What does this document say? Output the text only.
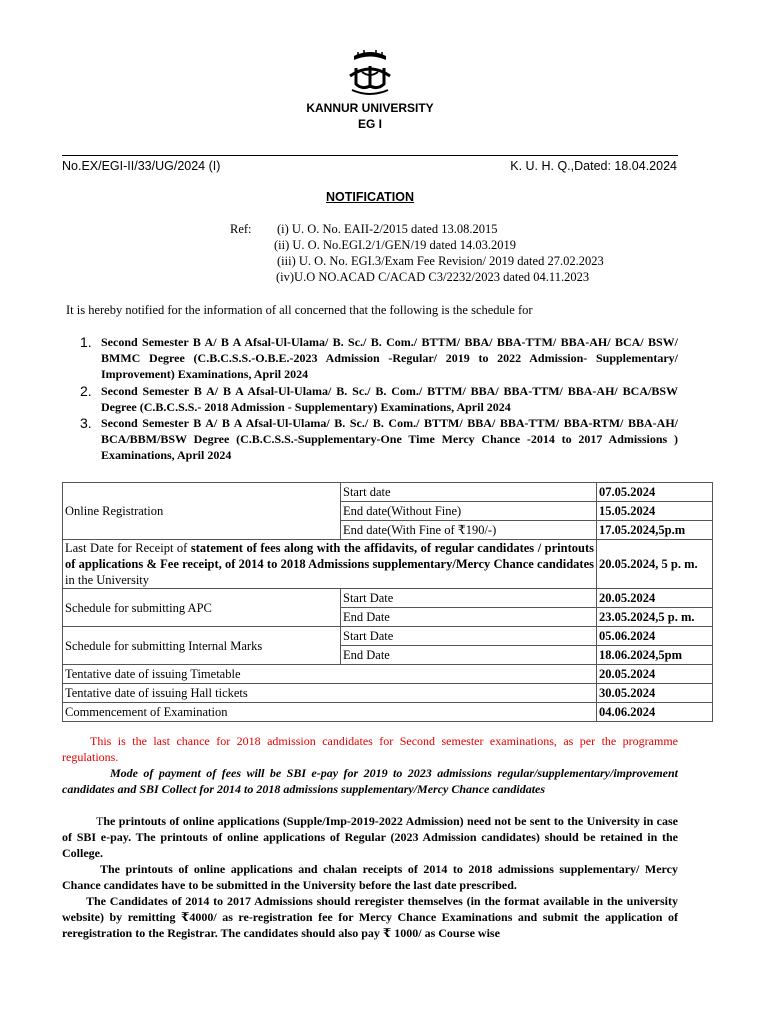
KANNUR UNIVERSITY
EG I
No.EX/EGI-II/33/UG/2024 (I)	K. U. H. Q.,Dated: 18.04.2024
NOTIFICATION
Ref: (i) U. O. No. EAII-2/2015 dated 13.08.2015
(ii) U. O. No.EGI.2/1/GEN/19 dated 14.03.2019
(iii) U. O. No. EGI.3/Exam Fee Revision/ 2019 dated 27.02.2023
(iv)U.O NO.ACAD C/ACAD C3/2232/2023 dated 04.11.2023
It is hereby notified for the information of all concerned that the following is the schedule for
1. Second Semester B A/ B A Afsal-Ul-Ulama/ B. Sc./ B. Com./ BTTM/ BBA/ BBA-TTM/ BBA-AH/ BCA/ BSW/ BMMC Degree (C.B.C.S.S.-O.B.E.-2023 Admission -Regular/ 2019 to 2022 Admission- Supplementary/ Improvement) Examinations, April 2024
2. Second Semester B A/ B A Afsal-Ul-Ulama/ B. Sc./ B. Com./ BTTM/ BBA/ BBA-TTM/ BBA-AH/ BCA/BSW Degree (C.B.C.S.S.- 2018 Admission - Supplementary) Examinations, April 2024
3. Second Semester B A/ B A Afsal-Ul-Ulama/ B. Sc./ B. Com./ BTTM/ BBA/ BBA-TTM/ BBA-RTM/ BBA-AH/ BCA/BBM/BSW Degree (C.B.C.S.S.-Supplementary-One Time Mercy Chance -2014 to 2017 Admissions ) Examinations, April 2024
Online Registration	Start date	07.05.2024
	End date(Without Fine)	15.05.2024
	End date(With Fine of ₹190/-)	17.05.2024,5p.m
Last Date for Receipt of statement of fees along with the affidavits, of regular candidates / printouts of applications & Fee receipt, of 2014 to 2018 Admissions supplementary/Mercy Chance candidates in the University		20.05.2024, 5 p. m.
Schedule for submitting APC	Start Date	20.05.2024
	End Date	23.05.2024,5 p. m.
Schedule for submitting Internal Marks	Start Date	05.06.2024
	End Date	18.06.2024,5pm
Tentative date of issuing Timetable		20.05.2024
Tentative date of issuing Hall tickets		30.05.2024
Commencement of Examination		04.06.2024
This is the last chance for 2018 admission candidates for Second semester examinations, as per the programme regulations.
Mode of payment of fees will be SBI e-pay for 2019 to 2023 admissions regular/supplementary/improvement candidates and SBI Collect for 2014 to 2018 admissions supplementary/Mercy Chance candidates
The printouts of online applications (Supple/Imp-2019-2022 Admission) need not be sent to the University in case of SBI e-pay. The printouts of online applications of Regular (2023 Admission candidates) should be retained in the College.
The printouts of online applications and chalan receipts of 2014 to 2018 admissions supplementary/ Mercy Chance candidates have to be submitted in the University before the last date prescribed.
The Candidates of 2014 to 2017 Admissions should reregister themselves (in the format available in the university website) by remitting ₹4000/ as re-registration fee for Mercy Chance Examinations and submit the application of reregistration to the Registrar. The candidates should also pay ₹ 1000/ as Course wise
